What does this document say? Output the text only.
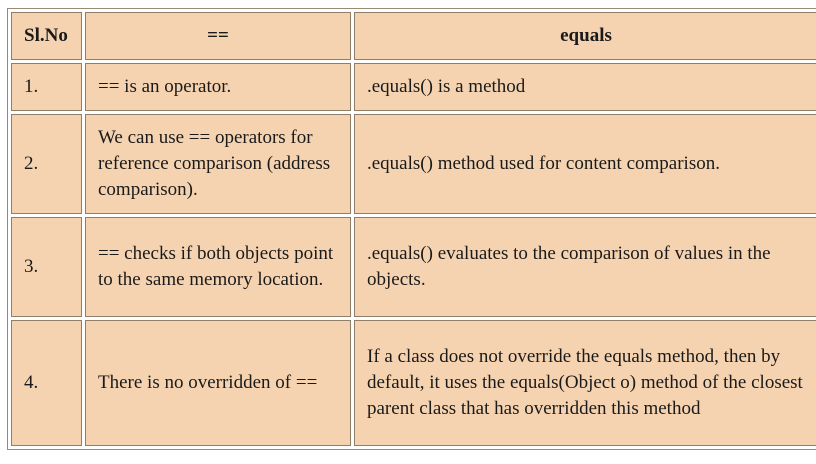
Sl.No	==	equals
1.	== is an operator.	.equals() is a method
2.	We can use == operators for reference comparison (address comparison).	.equals() method used for content comparison.
3.	== checks if both objects point to the same memory location.	.equals() evaluates to the comparison of values in the objects.
4.	There is no overridden of ==	If a class does not override the equals method, then by default, it uses the equals(Object o) method of the closest parent class that has overridden this method
